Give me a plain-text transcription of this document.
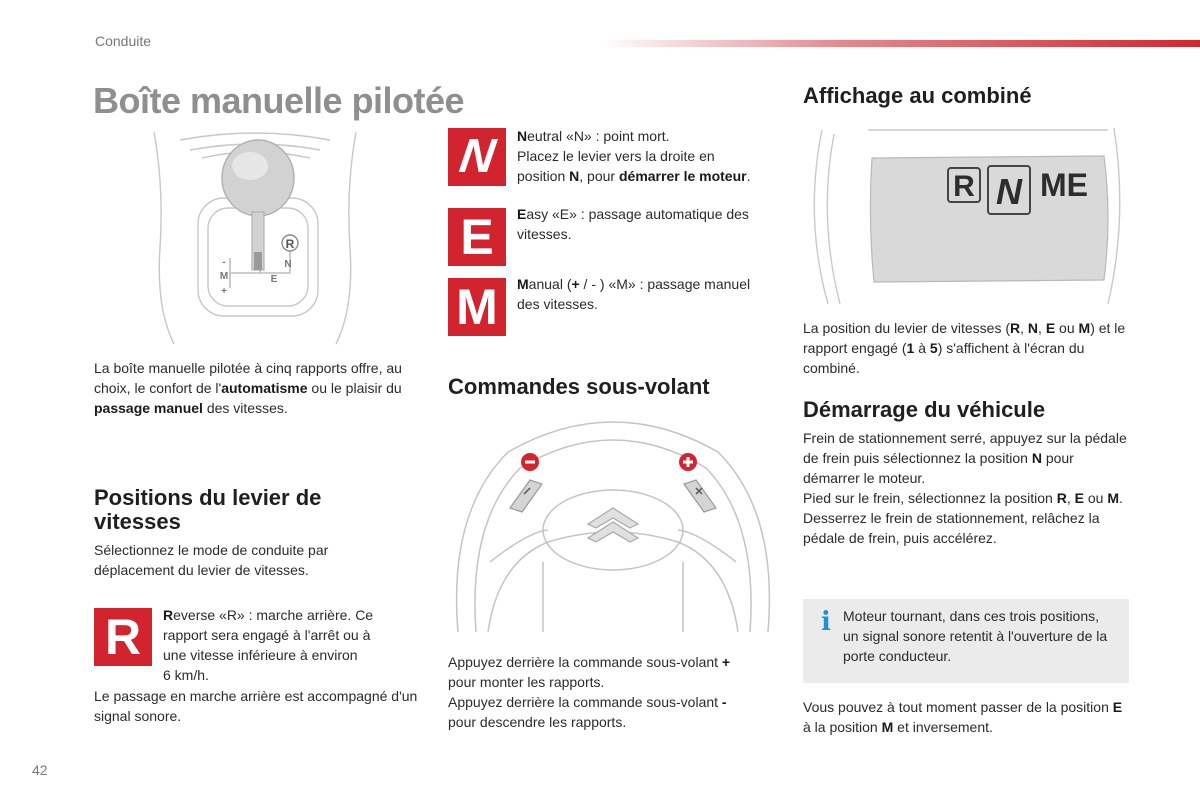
Conduite
Boîte manuelle pilotée
R
N
E
M
-
+

La boîte manuelle pilotée à cinq rapports offre, au choix, le confort de l'automatisme ou le plaisir du passage manuel des vitesses.

Positions du levier de
vitesses

Sélectionnez le mode de conduite par déplacement du levier de vitesses.

R Reverse «R» : marche arrière. Ce
rapport sera engagé à l'arrêt ou à
une vitesse inférieure à environ
6 km/h.

Le passage en marche arrière est accompagné d'un signal sonore.

N Neutral «N» : point mort.
Placez le levier vers la droite en
position N, pour démarrer le moteur.
E Easy «E» : passage automatique des
vitesses.
M Manual (+ / - ) «M» : passage manuel
des vitesses.
Commandes sous-volant
Appuyez derrière la commande sous-volant +
pour monter les rapports.
Appuyez derrière la commande sous-volant -
pour descendre les rapports.
Affichage au combiné
R N ME
La position du levier de vitesses (R, N, E ou M) et le rapport engagé (1 à 5) s'affichent à l'écran du combiné.
Démarrage du véhicule
Frein de stationnement serré, appuyez sur la pédale de frein puis sélectionnez la position N pour démarrer le moteur.
Pied sur le frein, sélectionnez la position R, E ou M.
Desserrez le frein de stationnement, relâchez la pédale de frein, puis accélérez.
i Moteur tournant, dans ces trois positions, un signal sonore retentit à l'ouverture de la porte conducteur.

Vous pouvez à tout moment passer de la position E à la position M et inversement.

42
